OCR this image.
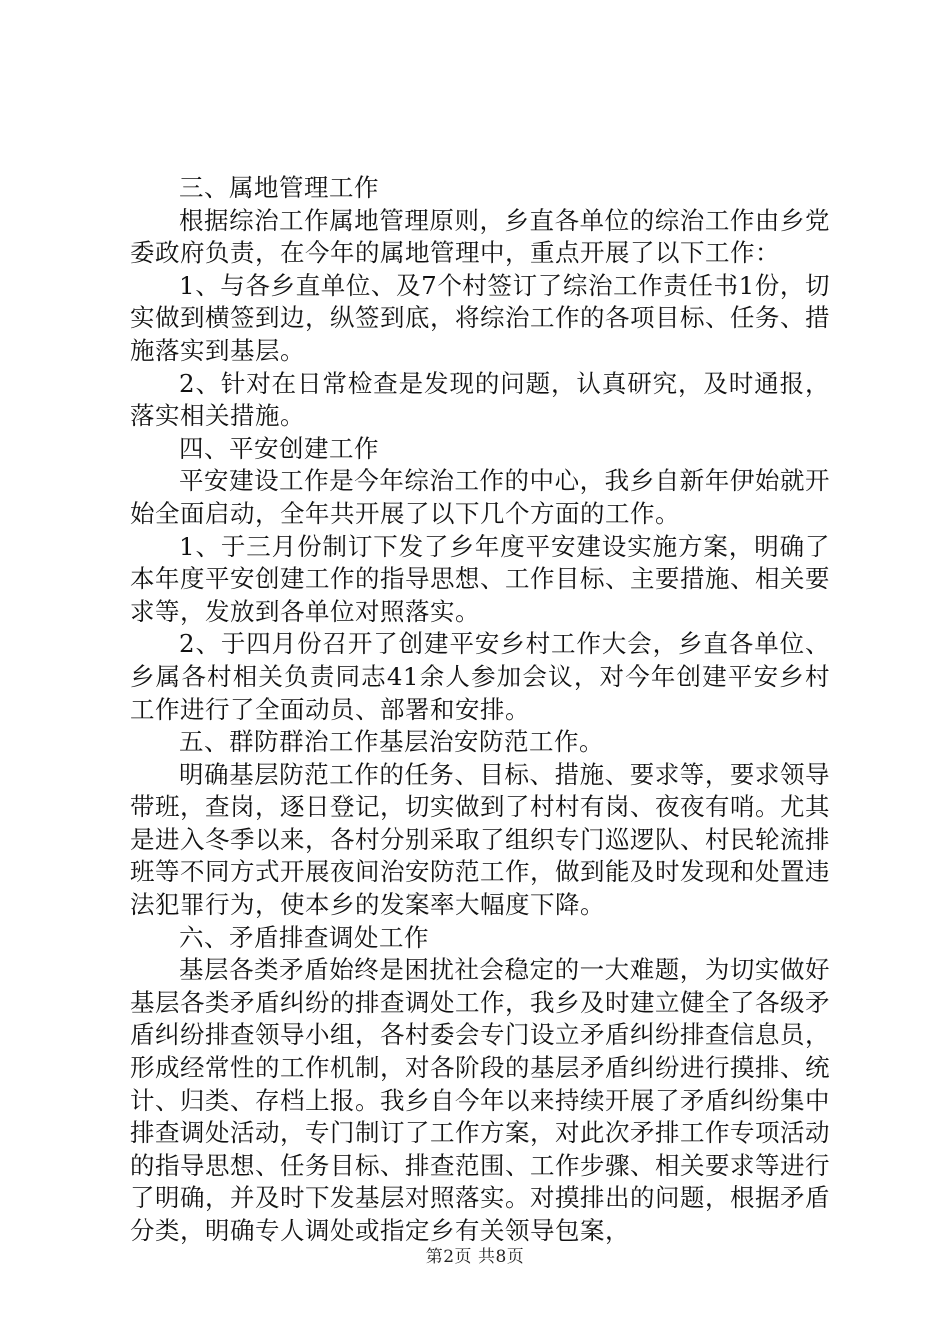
三、属地管理工作

根据综治工作属地管理原则，乡直各单位的综治工作由乡党委政府负责，在今年的属地管理中，重点开展了以下工作：

1、与各乡直单位、及7个村签订了综治工作责任书1份，切实做到横签到边，纵签到底，将综治工作的各项目标、任务、措施落实到基层。

2、针对在日常检查是发现的问题，认真研究，及时通报，落实相关措施。

四、平安创建工作

平安建设工作是今年综治工作的中心，我乡自新年伊始就开始全面启动，全年共开展了以下几个方面的工作。

1、于三月份制订下发了乡年度平安建设实施方案，明确了本年度平安创建工作的指导思想、工作目标、主要措施、相关要求等，发放到各单位对照落实。

2、于四月份召开了创建平安乡村工作大会，乡直各单位、乡属各村相关负责同志41余人参加会议，对今年创建平安乡村工作进行了全面动员、部署和安排。

五、群防群治工作基层治安防范工作。

明确基层防范工作的任务、目标、措施、要求等，要求领导带班，查岗，逐日登记，切实做到了村村有岗、夜夜有哨。尤其是进入冬季以来，各村分别采取了组织专门巡逻队、村民轮流排班等不同方式开展夜间治安防范工作，做到能及时发现和处置违法犯罪行为，使本乡的发案率大幅度下降。

六、矛盾排查调处工作

基层各类矛盾始终是困扰社会稳定的一大难题，为切实做好基层各类矛盾纠纷的排查调处工作，我乡及时建立健全了各级矛盾纠纷排查领导小组，各村委会专门设立矛盾纠纷排查信息员，形成经常性的工作机制，对各阶段的基层矛盾纠纷进行摸排、统计、归类、存档上报。我乡自今年以来持续开展了矛盾纠纷集中排查调处活动，专门制订了工作方案，对此次矛排工作专项活动的指导思想、任务目标、排查范围、工作步骤、相关要求等进行了明确，并及时下发基层对照落实。对摸排出的问题，根据矛盾分类，明确专人调处或指定乡有关领导包案，

第2页 共8页
